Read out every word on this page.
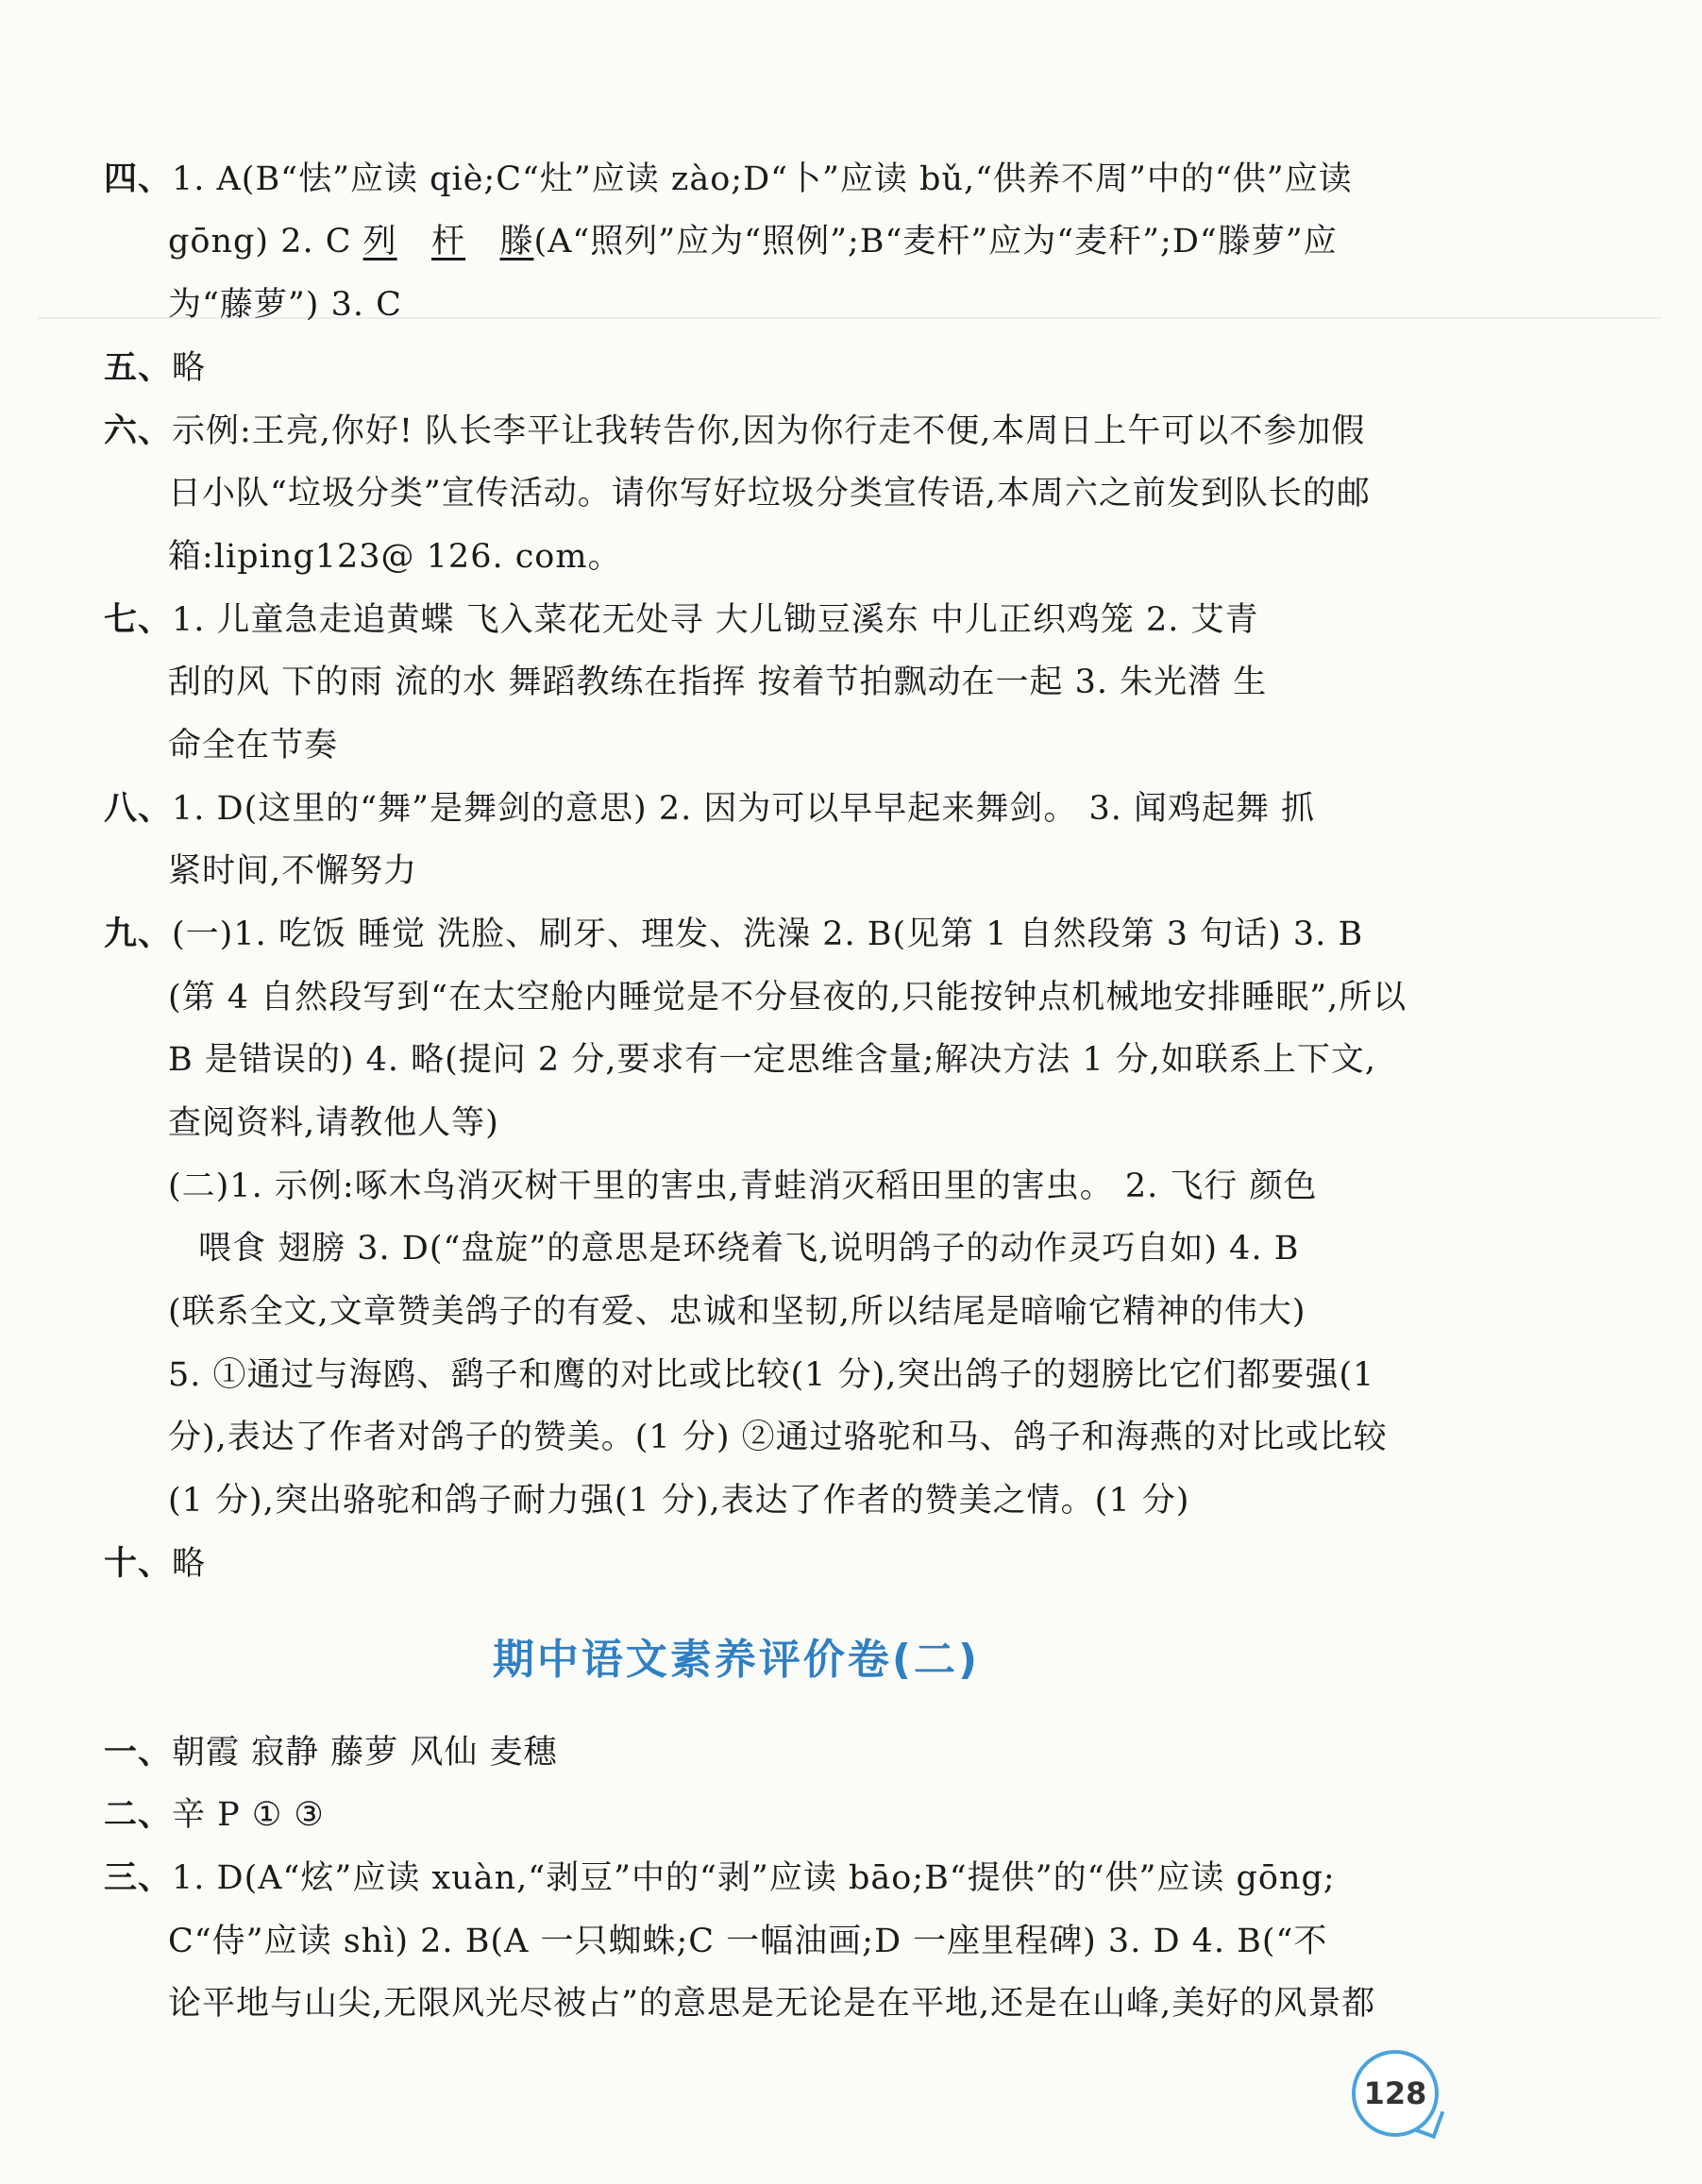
四、1. A(B“怯”应读 qiè;C“灶”应读 zào;D“卜”应读 bǔ,“供养不周”中的“供”应读
gōng) 2. C 列 杆 滕(A“照列”应为“照例”;B“麦杆”应为“麦秆”;D“滕萝”应
为“藤萝”) 3. C
五、略
六、示例:王亮,你好! 队长李平让我转告你,因为你行走不便,本周日上午可以不参加假
日小队“垃圾分类”宣传活动。请你写好垃圾分类宣传语,本周六之前发到队长的邮
箱:liping123@ 126. com。
七、1. 儿童急走追黄蝶 飞入菜花无处寻 大儿锄豆溪东 中儿正织鸡笼 2. 艾青
刮的风 下的雨 流的水 舞蹈教练在指挥 按着节拍飘动在一起 3. 朱光潜 生
命全在节奏
八、1. D(这里的“舞”是舞剑的意思) 2. 因为可以早早起来舞剑。 3. 闻鸡起舞 抓
紧时间,不懈努力
九、(一)1. 吃饭 睡觉 洗脸、刷牙、理发、洗澡 2. B(见第 1 自然段第 3 句话) 3. B
(第 4 自然段写到“在太空舱内睡觉是不分昼夜的,只能按钟点机械地安排睡眠”,所以
B 是错误的) 4. 略(提问 2 分,要求有一定思维含量;解决方法 1 分,如联系上下文,
查阅资料,请教他人等)
(二)1. 示例:啄木鸟消灭树干里的害虫,青蛙消灭稻田里的害虫。 2. 飞行 颜色
喂食 翅膀 3. D(“盘旋”的意思是环绕着飞,说明鸽子的动作灵巧自如) 4. B
(联系全文,文章赞美鸽子的有爱、忠诚和坚韧,所以结尾是暗喻它精神的伟大)
5. ①通过与海鸥、鹞子和鹰的对比或比较(1 分),突出鸽子的翅膀比它们都要强(1
分),表达了作者对鸽子的赞美。(1 分) ②通过骆驼和马、鸽子和海燕的对比或比较
(1 分),突出骆驼和鸽子耐力强(1 分),表达了作者的赞美之情。(1 分)
十、略
期中语文素养评价卷(二)
一、朝霞 寂静 藤萝 风仙 麦穗
二、辛 P ① ③
三、1. D(A“炫”应读 xuàn,“剥豆”中的“剥”应读 bāo;B“提供”的“供”应读 gōng;
C“侍”应读 shì) 2. B(A 一只蜘蛛;C 一幅油画;D 一座里程碑) 3. D 4. B(“不
论平地与山尖,无限风光尽被占”的意思是无论是在平地,还是在山峰,美好的风景都
128
